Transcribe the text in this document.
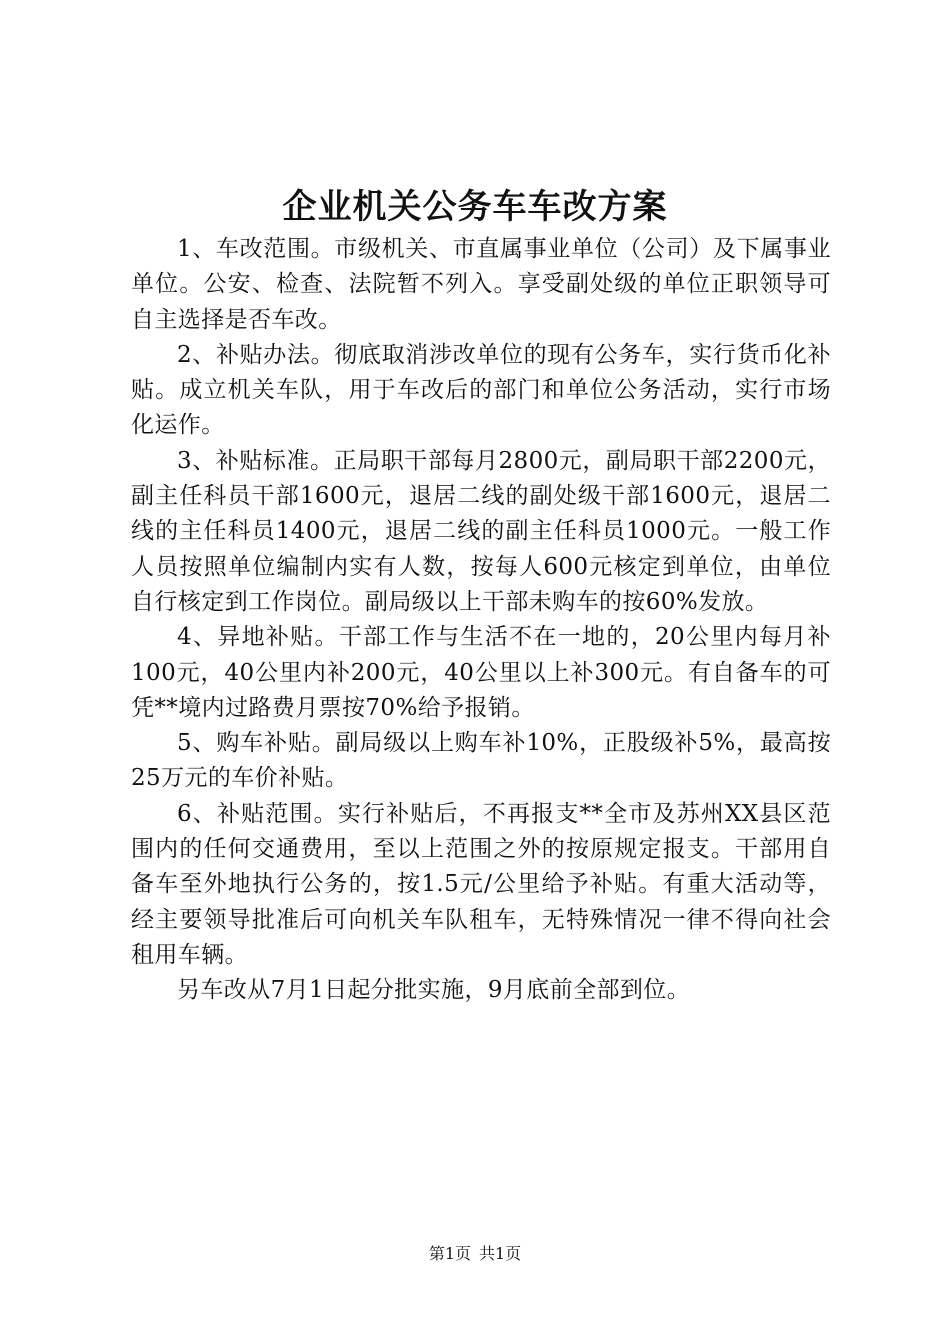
企业机关公务车车改方案

1、车改范围。市级机关、市直属事业单位（公司）及下属事业单位。公安、检查、法院暂不列入。享受副处级的单位正职领导可自主选择是否车改。

2、补贴办法。彻底取消涉改单位的现有公务车，实行货币化补贴。成立机关车队，用于车改后的部门和单位公务活动，实行市场化运作。

3、补贴标准。正局职干部每月2800元，副局职干部2200元，副主任科员干部1600元，退居二线的副处级干部1600元，退居二线的主任科员1400元，退居二线的副主任科员1000元。一般工作人员按照单位编制内实有人数，按每人600元核定到单位，由单位自行核定到工作岗位。副局级以上干部未购车的按60%发放。

4、异地补贴。干部工作与生活不在一地的，20公里内每月补100元，40公里内补200元，40公里以上补300元。有自备车的可凭**境内过路费月票按70%给予报销。

5、购车补贴。副局级以上购车补10%，正股级补5%，最高按25万元的车价补贴。

6、补贴范围。实行补贴后，不再报支**全市及苏州XX县区范围内的任何交通费用，至以上范围之外的按原规定报支。干部用自备车至外地执行公务的，按1.5元/公里给予补贴。有重大活动等，经主要领导批准后可向机关车队租车，无特殊情况一律不得向社会租用车辆。

另车改从7月1日起分批实施，9月底前全部到位。

第1页 共1页
